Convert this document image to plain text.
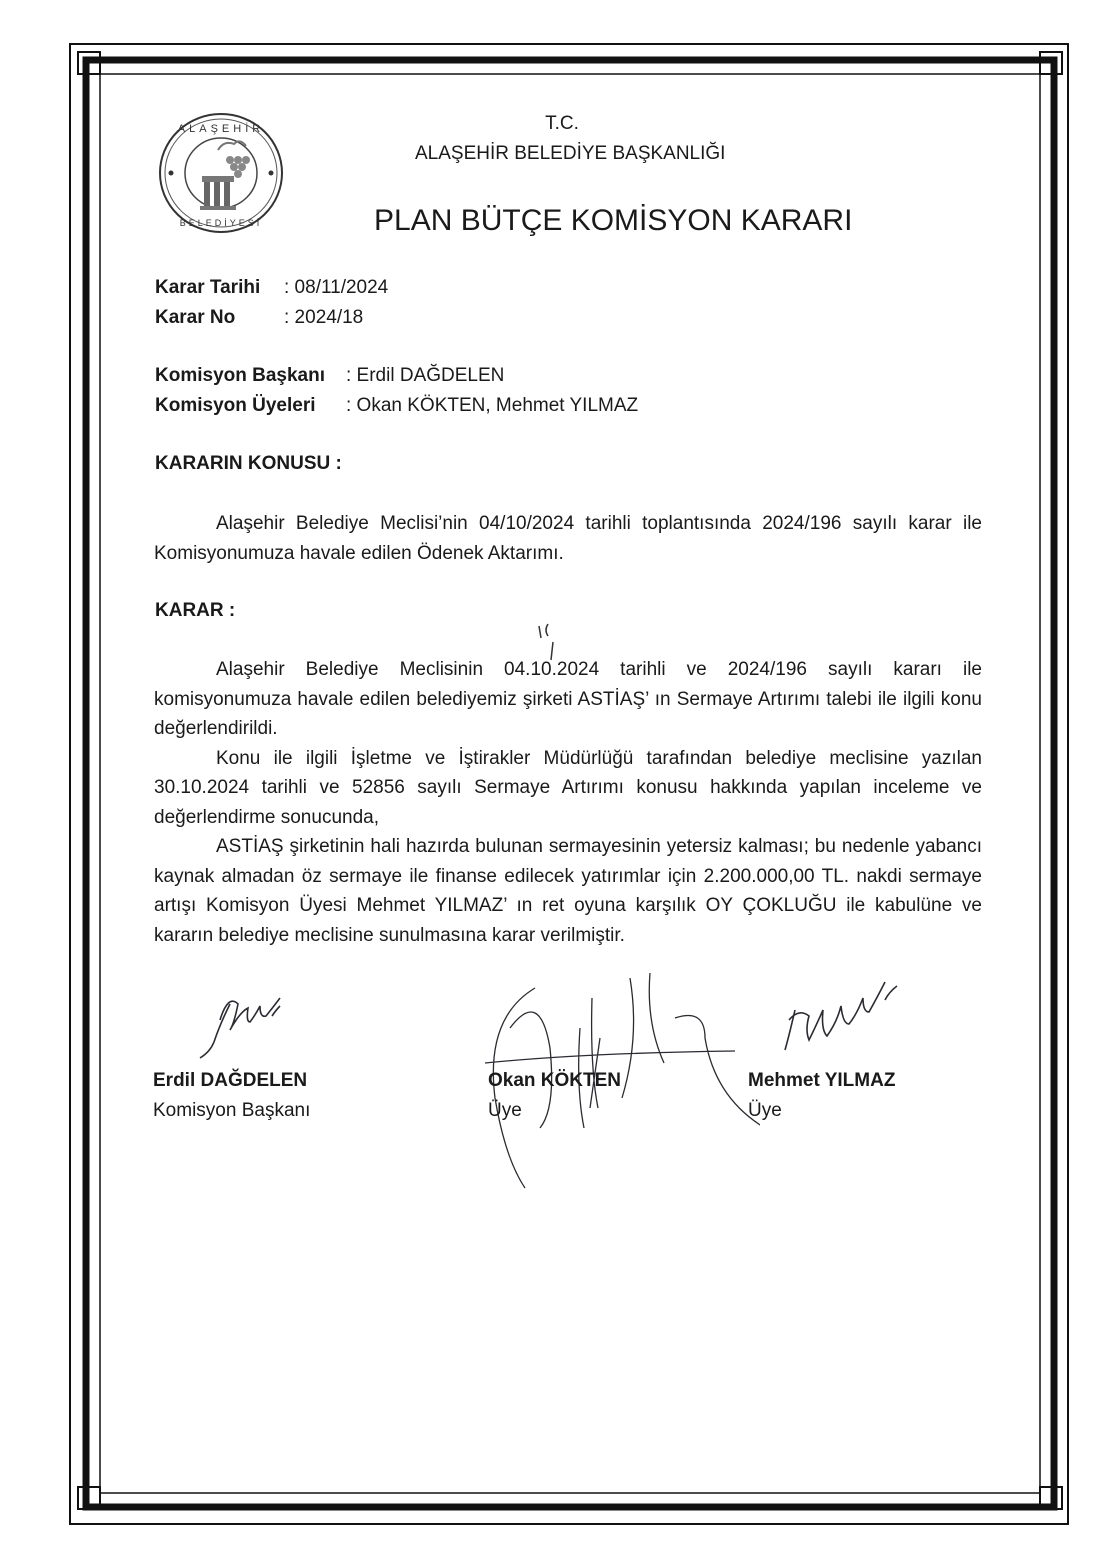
ALAŞEHİR
BELEDİYESİ
T.C.
ALAŞEHİR BELEDİYE BAŞKANLIĞI
PLAN BÜTÇE KOMİSYON KARARI
Karar Tarihi : 08/11/2024
Karar No	: 2024/18
Komisyon Başkanı : Erdil DAĞDELEN
Komisyon Üyeleri : Okan KÖKTEN, Mehmet YILMAZ
KARARIN KONUSU :

Alaşehir Belediye Meclisi’nin 04/10/2024 tarihli toplantısında 2024/196 sayılı karar ile Komisyonumuza havale edilen Ödenek Aktarımı.

KARAR :

Alaşehir Belediye Meclisinin 04.10.2024 tarihli ve 2024/196 sayılı kararı ile komisyonumuza havale edilen belediyemiz şirketi ASTİAŞ’ ın Sermaye Artırımı talebi ile ilgili konu değerlendirildi.

Konu ile ilgili İşletme ve İştirakler Müdürlüğü tarafından belediye meclisine yazılan 30.10.2024 tarihli ve 52856 sayılı Sermaye Artırımı konusu hakkında yapılan inceleme ve değerlendirme sonucunda,

ASTİAŞ şirketinin hali hazırda bulunan sermayesinin yetersiz kalması; bu nedenle yabancı kaynak almadan öz sermaye ile finanse edilecek yatırımlar için 2.200.000,00 TL. nakdi sermaye artışı Komisyon Üyesi Mehmet YILMAZ’ ın ret oyuna karşılık OY ÇOKLUĞU ile kabulüne ve kararın belediye meclisine sunulmasına karar verilmiştir.

Erdil DAĞDELEN
Komisyon Başkanı
Okan KÖKTEN
Üye
Mehmet YILMAZ
Üye
